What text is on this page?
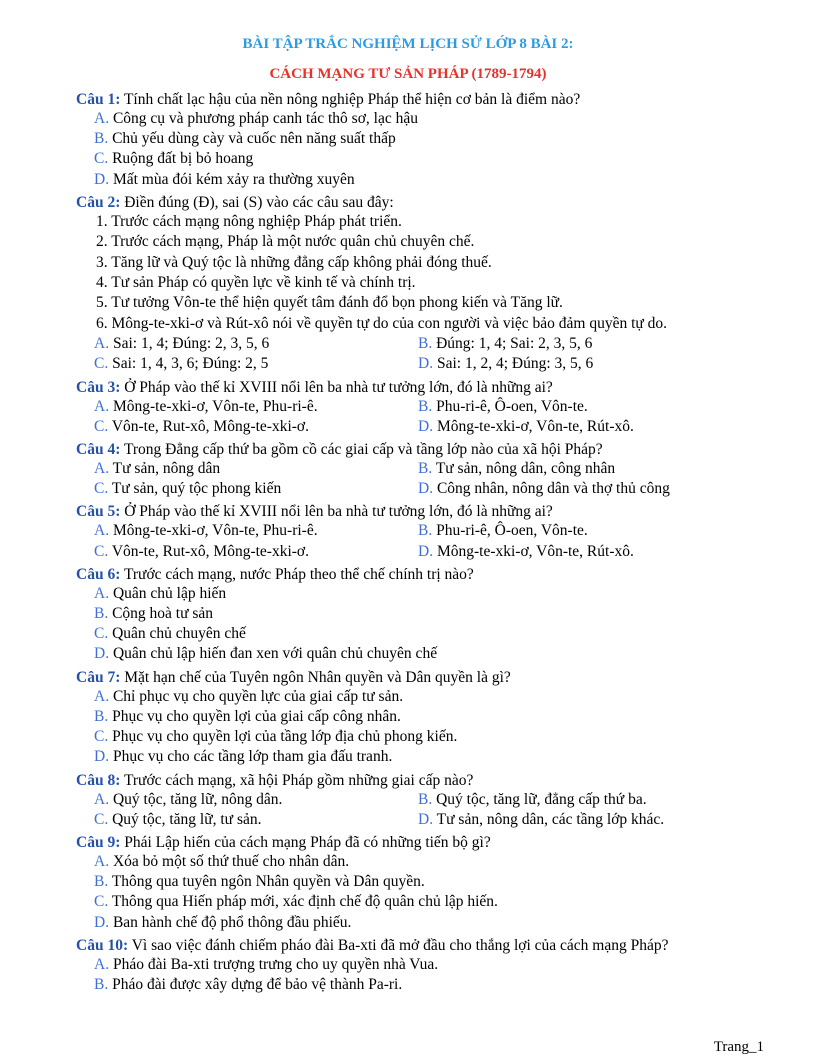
BÀI TẬP TRẮC NGHIỆM LỊCH SỬ LỚP 8 BÀI 2:
CÁCH MẠNG TƯ SẢN PHÁP (1789-1794)
Câu 1: Tính chất lạc hậu của nền nông nghiệp Pháp thể hiện cơ bản là điểm nào?
A. Công cụ và phương pháp canh tác thô sơ, lạc hậu
B. Chủ yếu dùng cày và cuốc nên năng suất thấp
C. Ruộng đất bị bỏ hoang
D. Mất mùa đói kém xảy ra thường xuyên
Câu 2: Điền đúng (Đ), sai (S) vào các câu sau đây:
1. Trước cách mạng nông nghiệp Pháp phát triển.
2. Trước cách mạng, Pháp là một nước quân chủ chuyên chế.
3. Tăng lữ và Quý tộc là những đẳng cấp không phải đóng thuế.
4. Tư sản Pháp có quyền lực về kinh tế và chính trị.
5. Tư tưởng Vôn-te thể hiện quyết tâm đánh đổ bọn phong kiến và Tăng lữ.
6. Mông-te-xki-ơ và Rút-xô nói về quyền tự do của con người và việc bảo đảm quyền tự do.
A. Sai: 1, 4; Đúng: 2, 3, 5, 6	B. Đúng: 1, 4; Sai: 2, 3, 5, 6
C. Sai: 1, 4, 3, 6; Đúng: 2, 5	D. Sai: 1, 2, 4; Đúng: 3, 5, 6
Câu 3: Ở Pháp vào thế kỉ XVIII nổi lên ba nhà tư tưởng lớn, đó là những ai?
A. Mông-te-xki-ơ, Vôn-te, Phu-ri-ê.	B. Phu-ri-ê, Ô-oen, Vôn-te.
C. Vôn-te, Rut-xô, Mông-te-xki-ơ.	D. Mông-te-xki-ơ, Vôn-te, Rút-xô.
Câu 4: Trong Đẳng cấp thứ ba gồm cồ các giai cấp và tầng lớp nào của xã hội Pháp?
A. Tư sản, nông dân	B. Tư sản, nông dân, công nhân
C. Tư sản, quý tộc phong kiến	D. Công nhân, nông dân và thợ thủ công
Câu 5: Ở Pháp vào thế kỉ XVIII nổi lên ba nhà tư tưởng lớn, đó là những ai?
A. Mông-te-xki-ơ, Vôn-te, Phu-ri-ê.	B. Phu-ri-ê, Ô-oen, Vôn-te.
C. Vôn-te, Rut-xô, Mông-te-xki-ơ.	D. Mông-te-xki-ơ, Vôn-te, Rút-xô.
Câu 6: Trước cách mạng, nước Pháp theo thể chế chính trị nào?
A. Quân chủ lập hiến
B. Cộng hoà tư sản
C. Quân chủ chuyên chế
D. Quân chủ lập hiến đan xen với quân chủ chuyên chế
Câu 7: Mặt hạn chế của Tuyên ngôn Nhân quyền và Dân quyền là gì?
A. Chỉ phục vụ cho quyền lực của giai cấp tư sản.
B. Phục vụ cho quyền lợi của giai cấp công nhân.
C. Phục vụ cho quyền lợi của tầng lớp địa chủ phong kiến.
D. Phục vụ cho các tầng lớp tham gia đấu tranh.
Câu 8: Trước cách mạng, xã hội Pháp gồm những giai cấp nào?
A. Quý tộc, tăng lữ, nông dân.	B. Quý tộc, tăng lữ, đẳng cấp thứ ba.
C. Quý tộc, tăng lữ, tư sản.	D. Tư sản, nông dân, các tầng lớp khác.
Câu 9: Phái Lập hiến của cách mạng Pháp đã có những tiến bộ gì?
A. Xóa bỏ một số thứ thuế cho nhân dân.
B. Thông qua tuyên ngôn Nhân quyền và Dân quyền.
C. Thông qua Hiến pháp mới, xác định chế độ quân chủ lập hiến.
D. Ban hành chế độ phổ thông đầu phiếu.
Câu 10: Vì sao việc đánh chiếm pháo đài Ba-xti đã mở đầu cho thắng lợi của cách mạng Pháp?
A. Pháo đài Ba-xti trượng trưng cho uy quyền nhà Vua.
B. Pháo đài được xây dựng để bảo vệ thành Pa-ri.
Trang_1
